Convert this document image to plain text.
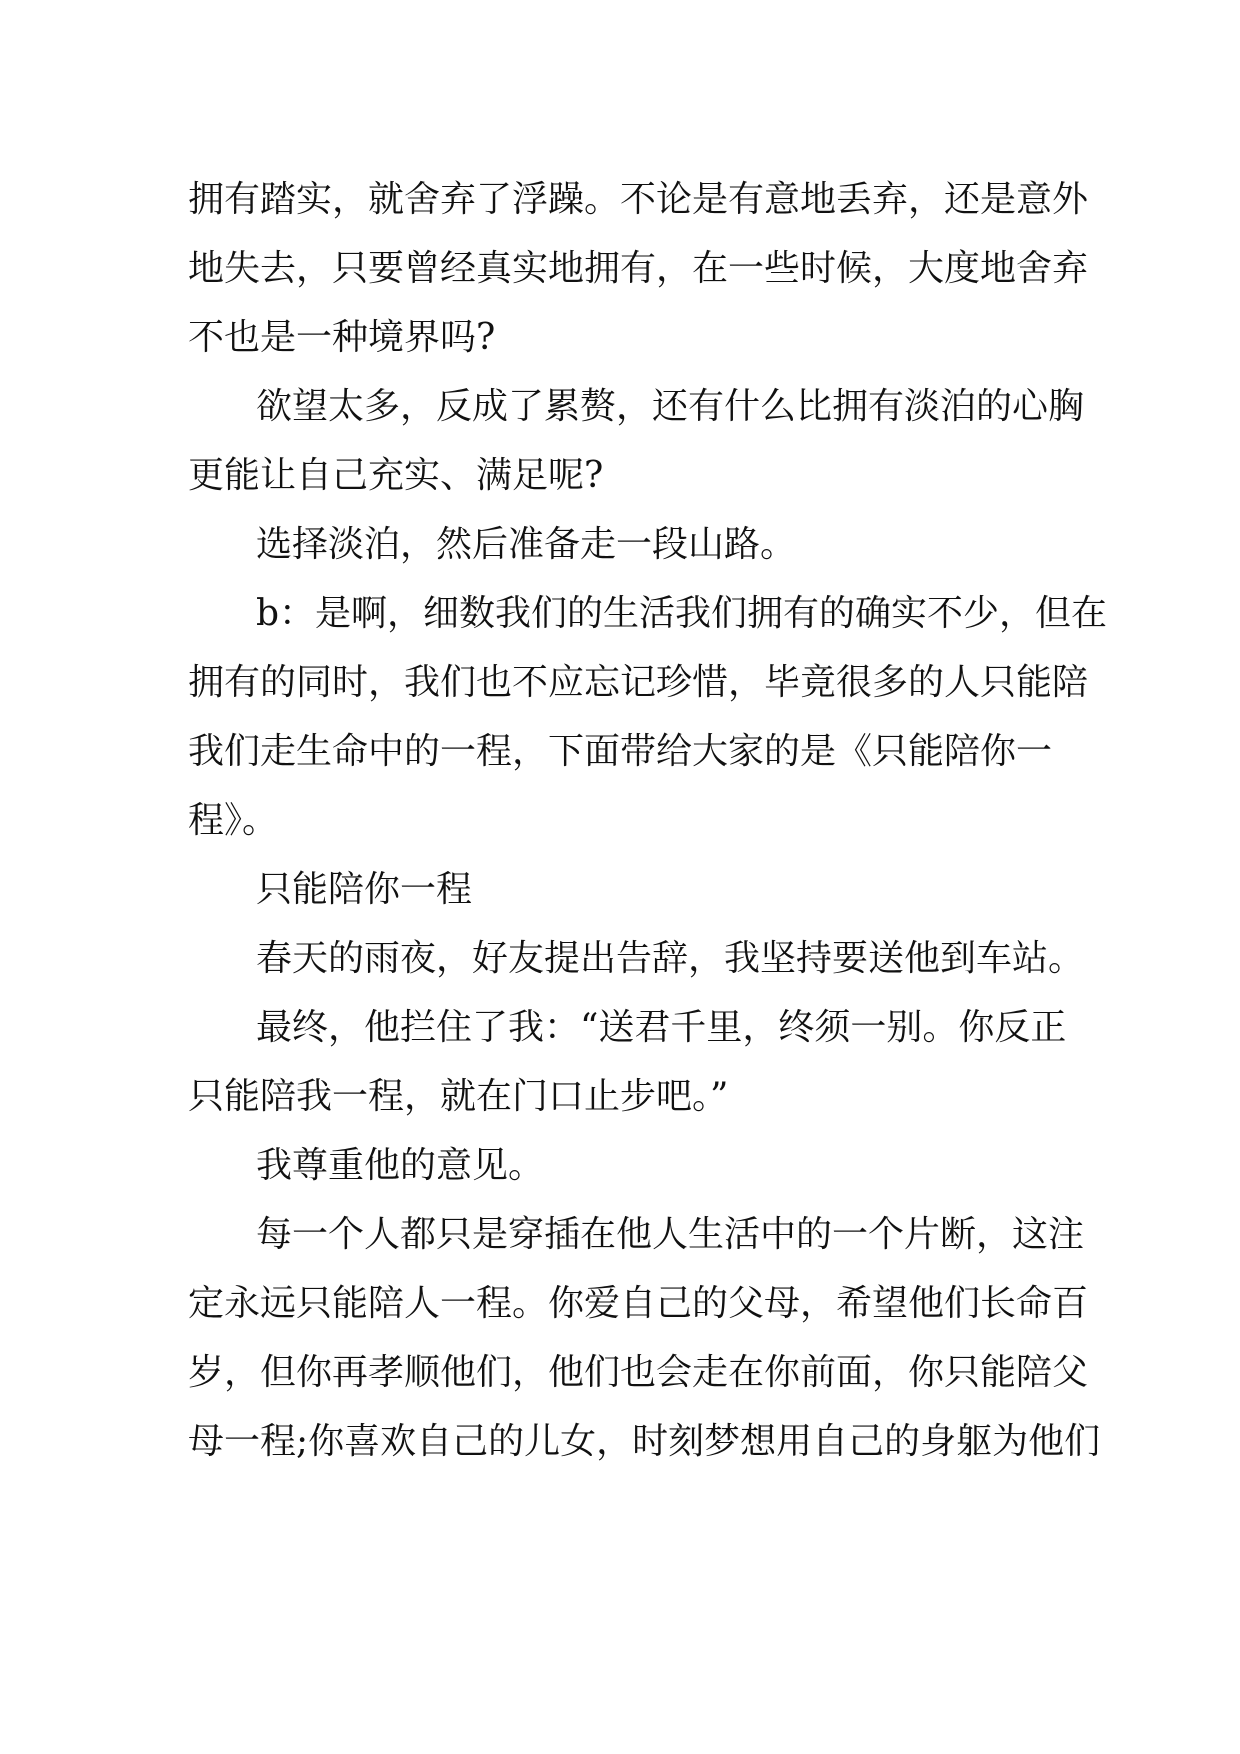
拥有踏实，就舍弃了浮躁。不论是有意地丢弃，还是意外

地失去，只要曾经真实地拥有，在一些时候，大度地舍弃

不也是一种境界吗?

欲望太多，反成了累赘，还有什么比拥有淡泊的心胸

更能让自己充实、满足呢?

选择淡泊，然后准备走一段山路。

b：是啊，细数我们的生活我们拥有的确实不少，但在

拥有的同时，我们也不应忘记珍惜，毕竟很多的人只能陪

我们走生命中的一程，下面带给大家的是《只能陪你一

程》。

只能陪你一程

春天的雨夜，好友提出告辞，我坚持要送他到车站。

最终，他拦住了我：“送君千里，终须一别。你反正

只能陪我一程，就在门口止步吧。”

我尊重他的意见。

每一个人都只是穿插在他人生活中的一个片断，这注

定永远只能陪人一程。你爱自己的父母，希望他们长命百

岁，但你再孝顺他们，他们也会走在你前面，你只能陪父

母一程;你喜欢自己的儿女，时刻梦想用自己的身躯为他们
